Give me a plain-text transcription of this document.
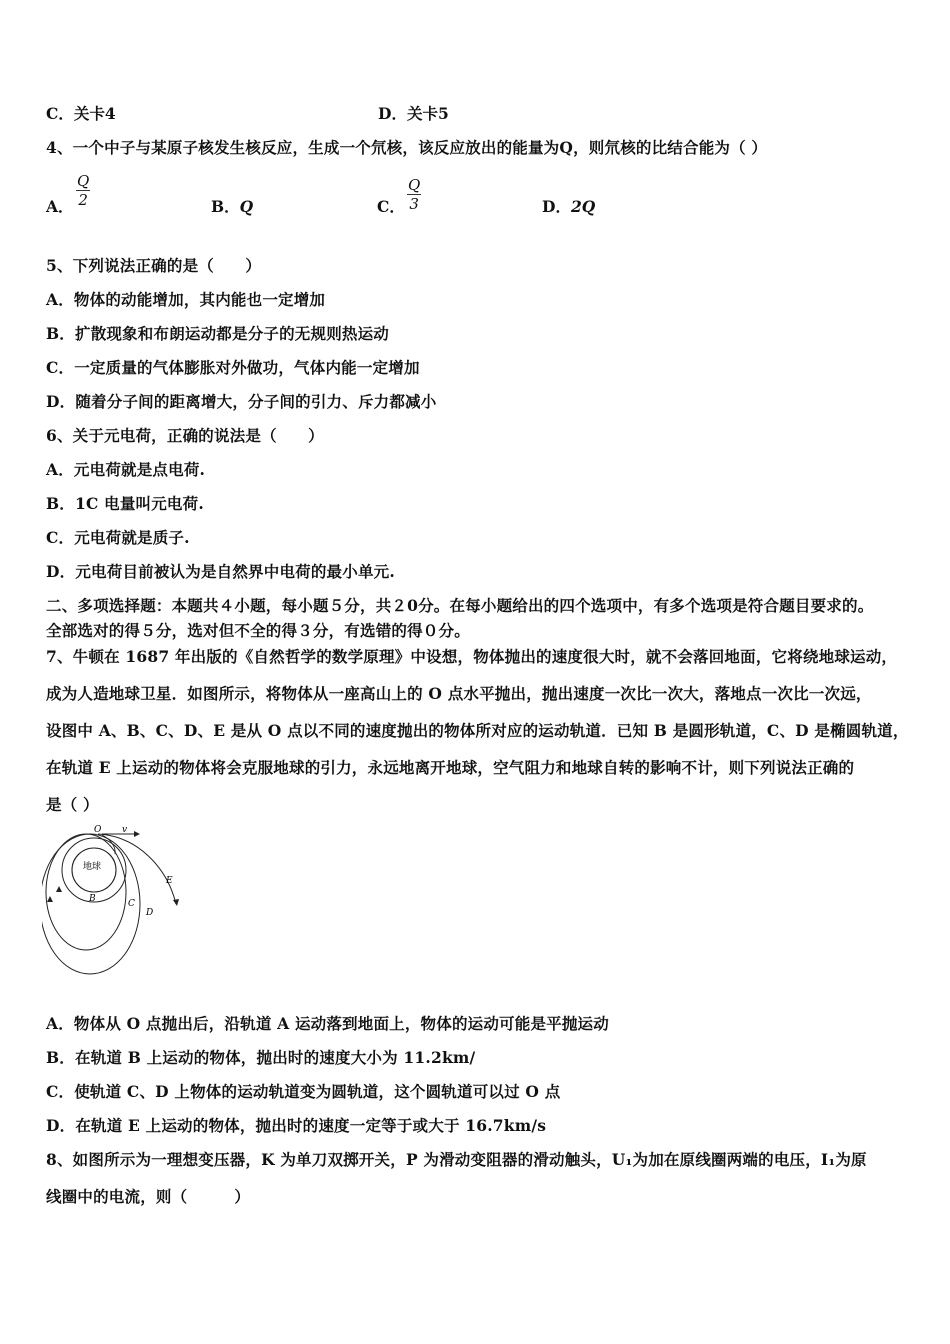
C．关卡4	D．关卡5
4、一个中子与某原子核发生核反应，生成一个氘核，该反应放出的能量为Q，则氘核的比结合能为（ ）
A． $\frac{Q}{2}$	B．Q	C． $\frac{Q}{3}$	D．2Q
5、下列说法正确的是（　　）
A．物体的动能增加，其内能也一定增加
B．扩散现象和布朗运动都是分子的无规则热运动
C．一定质量的气体膨胀对外做功，气体内能一定增加
D．随着分子间的距离增大，分子间的引力、斥力都减小
6、关于元电荷，正确的说法是（　　）
A．元电荷就是点电荷.
B．1C 电量叫元电荷.
C．元电荷就是质子.
D．元电荷目前被认为是自然界中电荷的最小单元.
二、多项选择题：本题共４小题，每小题５分，共２0分。在每小题给出的四个选项中，有多个选项是符合题目要求的。
全部选对的得５分，选对但不全的得３分，有选错的得０分。
7、牛顿在 1687 年出版的《自然哲学的数学原理》中设想，物体抛出的速度很大时，就不会落回地面，它将绕地球运动，
成为人造地球卫星．如图所示，将物体从一座高山上的 O 点水平抛出，抛出速度一次比一次大，落地点一次比一次远，
设图中 A、B、C、D、E 是从 O 点以不同的速度抛出的物体所对应的运动轨道．已知 B 是圆形轨道，C、D 是椭圆轨道，
在轨道 E 上运动的物体将会克服地球的引力，永远地离开地球，空气阻力和地球自转的影响不计，则下列说法正确的
是（ ）
O v
地球
B	C
D
E
A．物体从 O 点抛出后，沿轨道 A 运动落到地面上，物体的运动可能是平抛运动
B．在轨道 B 上运动的物体，抛出时的速度大小为 11.2km/
C．使轨道 C、D 上物体的运动轨道变为圆轨道，这个圆轨道可以过 O 点
D．在轨道 E 上运动的物体，抛出时的速度一定等于或大于 16.7km/s
8、如图所示为一理想变压器，K 为单刀双掷开关，P 为滑动变阻器的滑动触头，U₁为加在原线圈两端的电压，I₁为原
线圈中的电流，则（　　　）
